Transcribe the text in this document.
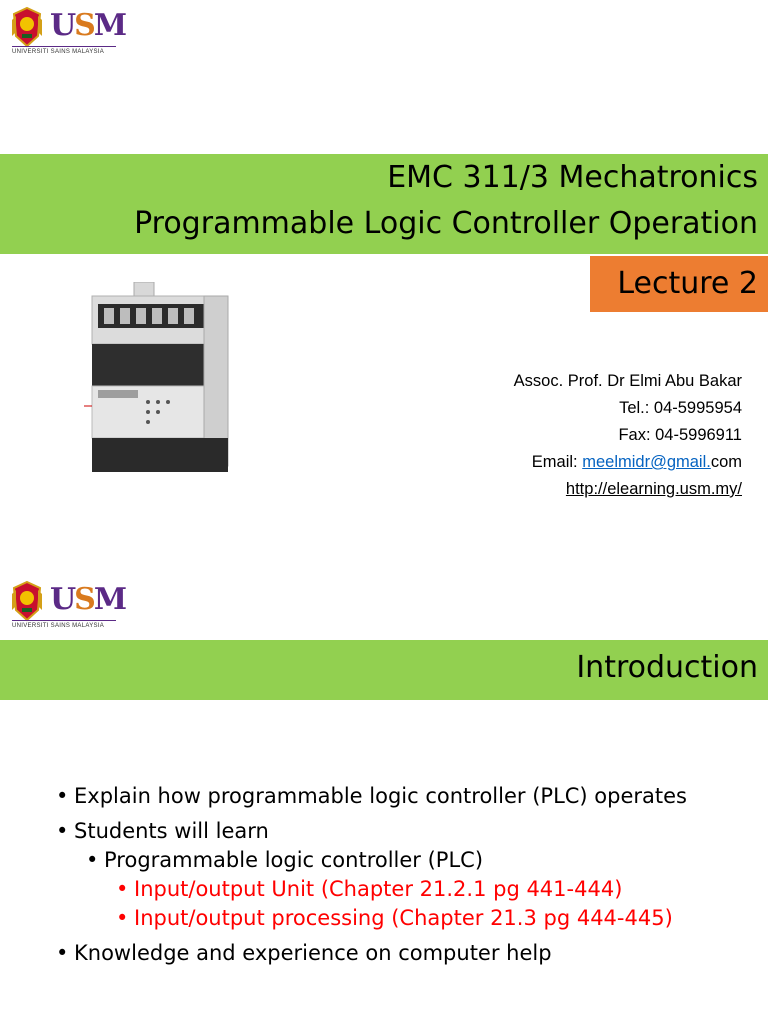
USM
UNIVERSITI SAINS MALAYSIA
EMC 311/3 Mechatronics
Programmable Logic Controller Operation
Lecture 2
Assoc. Prof. Dr Elmi Abu Bakar
Tel.: 04-5995954
Fax: 04-5996911
Email: meelmidr@gmail.com
http://elearning.usm.my/
USM
UNIVERSITI SAINS MALAYSIA
Introduction
• Explain how programmable logic controller (PLC) operates
• Students will learn
• Programmable logic controller (PLC)
• Input/output Unit (Chapter 21.2.1 pg 441-444)
• Input/output processing (Chapter 21.3 pg 444-445)
• Knowledge and experience on computer help
